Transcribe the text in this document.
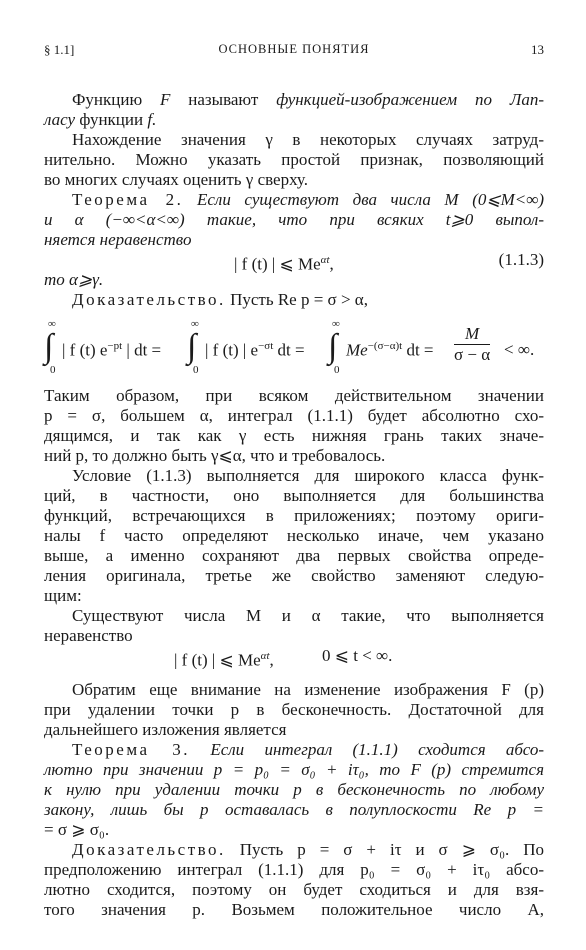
§ 1.1]	ОСНОВНЫЕ ПОНЯТИЯ	13
Функцию F называют функцией-изображением по Лап-
ласу функции f.
Нахождение значения γ в некоторых случаях затруд-
нительно. Можно указать простой признак, позволяющий
во многих случаях оценить γ сверху.
Теорема 2. Если существуют два числа M (0⩽M<∞)
и α (−∞<α<∞) такие, что при всяких t⩾0 выпол-
няется неравенство
| f (t) | ⩽ $Me^{\alpha t}$,	(1.1.3)
то α⩾γ.
Доказательство. Пусть Re p = σ > α,
∞
∫
0
| f (t) $e^{-pt}$ | dt =
∞
∫
0
| f (t) | $e^{-\sigma t}$ dt =
∞
∫
0
$Me^{-(\sigma-\alpha)t}$ dt = $\frac{M}{\sigma - \alpha}$ < ∞.
Таким образом, при всяком действительном значении
p = σ, большем α, интеграл (1.1.1) будет абсолютно схо-
дящимся, и так как γ есть нижняя грань таких значе-
ний p, то должно быть γ⩽α, что и требовалось.
Условие (1.1.3) выполняется для широкого класса функ-
ций, в частности, оно выполняется для большинства
функций, встречающихся в приложениях; поэтому ориги-
налы f часто определяют несколько иначе, чем указано
выше, а именно сохраняют два первых свойства опреде-
ления оригинала, третье же свойство заменяют следую-
щим:
Существуют числа M и α такие, что выполняется
неравенство
| f (t) | ⩽ $Me^{\alpha t}$,	0 ⩽ t < ∞.
Обратим еще внимание на изменение изображения F (p)
при удалении точки p в бесконечность. Достаточной для
дальнейшего изложения является
Теорема 3. Если интеграл (1.1.1) сходится абсо-
лютно при значении p = p₀ = σ₀ + iτ₀, то F (p) стремится
к нулю при удалении точки p в бесконечность по любому
закону, лишь бы p оставалась в полуплоскости Re p =
= σ ⩾ σ₀.
Доказательство. Пусть p = σ + iτ и σ ⩾ σ₀. По
предположению интеграл (1.1.1) для p₀ = σ₀ + iτ₀ абсо-
лютно сходится, поэтому он будет сходиться и для взя-
того значения p. Возьмем положительное число A,
